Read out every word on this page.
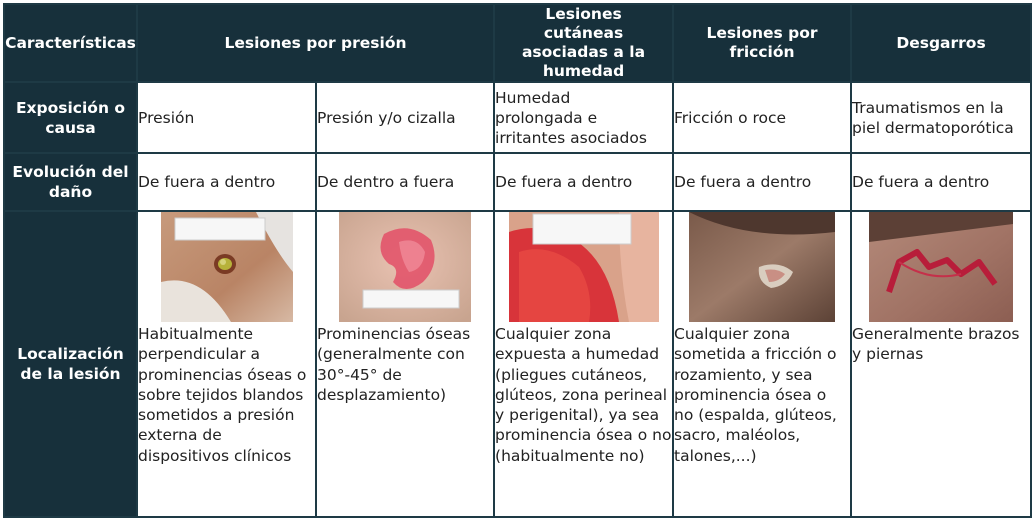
Características	Lesiones por presión		Lesiones cutáneas asociadas a la humedad	Lesiones por fricción	Desgarros
Exposición o causa	Presión	Presión y/o cizalla	Humedad prolongada e irritantes asociados	Fricción o roce	Traumatismos en la piel dermatoporótica
Evolución del daño	De fuera a dentro	De dentro a fuera	De fuera a dentro	De fuera a dentro	De fuera a dentro
Localización de la lesión	Habitualmente perpendicular a prominencias óseas o sobre tejidos blandos sometidos a presión externa de dispositivos clínicos	Prominencias óseas (generalmente con 30°-45° de desplazamiento)	Cualquier zona expuesta a humedad (pliegues cutáneos, glúteos, zona perineal y perigenital), ya sea prominencia ósea o no (habitualmente no)	Cualquier zona sometida a fricción o rozamiento, y sea prominencia ósea o no (espalda, glúteos, sacro, maléolos, talones,...)	Generalmente brazos y piernas
